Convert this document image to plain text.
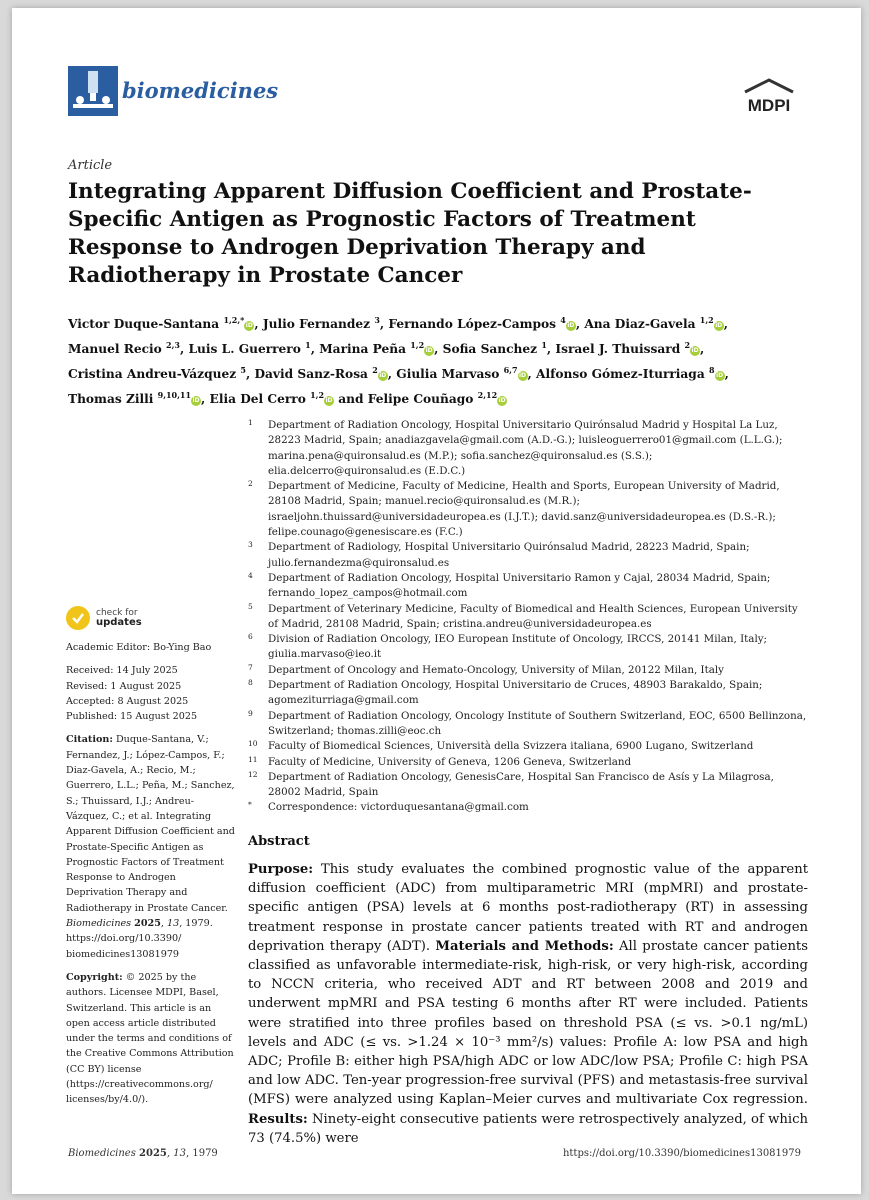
biomedicines
MDPI
Article
Integrating Apparent Diffusion Coefficient and Prostate-Specific Antigen as Prognostic Factors of Treatment Response to Androgen Deprivation Therapy and Radiotherapy in Prostate Cancer
Victor Duque-Santana $^{1,2,*}$iD, Julio Fernandez $^3$, Fernando López-Campos $^4$iD, Ana Diaz-Gavela $^{1,2}$iD,
Manuel Recio $^{2,3}$, Luis L. Guerrero $^1$, Marina Peña $^{1,2}$iD, Sofia Sanchez $^1$, Israel J. Thuissard $^2$iD,
Cristina Andreu-Vázquez $^5$, David Sanz-Rosa $^2$iD, Giulia Marvaso $^{6,7}$iD, Alfonso Gómez-Iturriaga $^8$iD,
Thomas Zilli $^{9,10,11}$iD, Elia Del Cerro $^{1,2}$iD and Felipe Couñago $^{2,12}$iD
1 Department of Radiation Oncology, Hospital Universitario Quirónsalud Madrid y Hospital La Luz, 28223 Madrid, Spain; anadiazgavela@gmail.com (A.D.-G.); luisleoguerrero01@gmail.com (L.L.G.); marina.pena@quironsalud.es (M.P.); sofia.sanchez@quironsalud.es (S.S.); elia.delcerro@quironsalud.es (E.D.C.)
2 Department of Medicine, Faculty of Medicine, Health and Sports, European University of Madrid, 28108 Madrid, Spain; manuel.recio@quironsalud.es (M.R.); israeljohn.thuissard@universidadeuropea.es (I.J.T.); david.sanz@universidadeuropea.es (D.S.-R.); felipe.counago@genesiscare.es (F.C.)
3 Department of Radiology, Hospital Universitario Quirónsalud Madrid, 28223 Madrid, Spain; julio.fernandezma@quironsalud.es
4 Department of Radiation Oncology, Hospital Universitario Ramon y Cajal, 28034 Madrid, Spain; fernando_lopez_campos@hotmail.com
5 Department of Veterinary Medicine, Faculty of Biomedical and Health Sciences, European University of Madrid, 28108 Madrid, Spain; cristina.andreu@universidadeuropea.es
6 Division of Radiation Oncology, IEO European Institute of Oncology, IRCCS, 20141 Milan, Italy; giulia.marvaso@ieo.it
7 Department of Oncology and Hemato-Oncology, University of Milan, 20122 Milan, Italy
8 Department of Radiation Oncology, Hospital Universitario de Cruces, 48903 Barakaldo, Spain; agomeziturriaga@gmail.com
9 Department of Radiation Oncology, Oncology Institute of Southern Switzerland, EOC, 6500 Bellinzona, Switzerland; thomas.zilli@eoc.ch
10 Faculty of Biomedical Sciences, Università della Svizzera italiana, 6900 Lugano, Switzerland
11 Faculty of Medicine, University of Geneva, 1206 Geneva, Switzerland
12 Department of Radiation Oncology, GenesisCare, Hospital San Francisco de Asís y La Milagrosa, 28002 Madrid, Spain
* Correspondence: victorduquesantana@gmail.com
check for
updates
Academic Editor: Bo-Ying Bao
Received: 14 July 2025
Revised: 1 August 2025
Accepted: 8 August 2025
Published: 15 August 2025
Citation: Duque-Santana, V.; Fernandez, J.; López-Campos, F.; Diaz-Gavela, A.; Recio, M.; Guerrero, L.L.; Peña, M.; Sanchez, S.; Thuissard, I.J.; Andreu-Vázquez, C.; et al. Integrating Apparent Diffusion Coefficient and Prostate-Specific Antigen as Prognostic Factors of Treatment Response to Androgen Deprivation Therapy and Radiotherapy in Prostate Cancer. Biomedicines 2025, 13, 1979. https://doi.org/10.3390/ biomedicines13081979
Copyright: © 2025 by the authors. Licensee MDPI, Basel, Switzerland. This article is an open access article distributed under the terms and conditions of the Creative Commons Attribution (CC BY) license (https://creativecommons.org/ licenses/by/4.0/).
Abstract
Purpose: This study evaluates the combined prognostic value of the apparent diffusion coefficient (ADC) from multiparametric MRI (mpMRI) and prostate-specific antigen (PSA) levels at 6 months post-radiotherapy (RT) in assessing treatment response in prostate cancer patients treated with RT and androgen deprivation therapy (ADT). Materials and Methods: All prostate cancer patients classified as unfavorable intermediate-risk, high-risk, or very high-risk, according to NCCN criteria, who received ADT and RT between 2008 and 2019 and underwent mpMRI and PSA testing 6 months after RT were included. Patients were stratified into three profiles based on threshold PSA (≤ vs. >0.1 ng/mL) levels and ADC (≤ vs. >1.24 × 10⁻³ mm²/s) values: Profile A: low PSA and high ADC; Profile B: either high PSA/high ADC or low ADC/low PSA; Profile C: high PSA and low ADC. Ten-year progression-free survival (PFS) and metastasis-free survival (MFS) were analyzed using Kaplan–Meier curves and multivariate Cox regression. Results: Ninety-eight consecutive patients were retrospectively analyzed, of which 73 (74.5%) were
Biomedicines 2025, 13, 1979	https://doi.org/10.3390/biomedicines13081979
